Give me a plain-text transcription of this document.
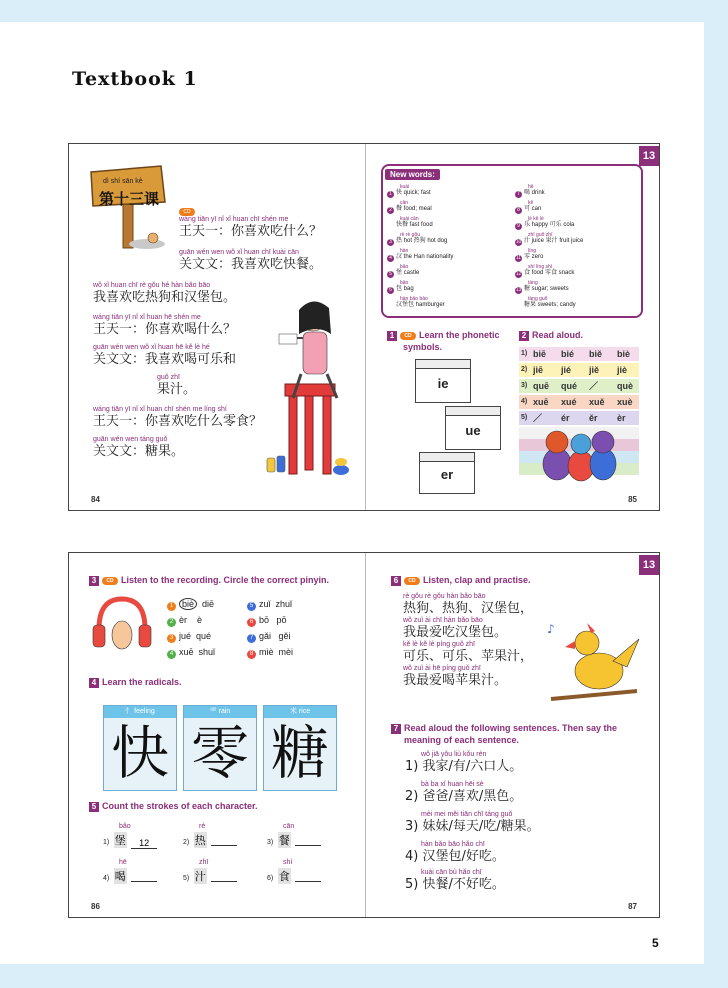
Textbook 1
13
dì shí sān kè
第十三课
CD
wáng tiān yī nǐ xǐ huan chī shén me
王天一：你喜欢吃什么？
guān wén wen wǒ xǐ huan chī kuài cān
关文文：我喜欢吃快餐。
wǒ xǐ huan chī rè gǒu hé hàn bǎo bāo
我喜欢吃热狗和汉堡包。
wáng tiān yī nǐ xǐ huan hē shén me
王天一：你喜欢喝什么？
guān wén wen wǒ xǐ huan hē kě lè hé
关文文：我喜欢喝可乐和
guǒ zhī
果汁。
wáng tiān yī nǐ xǐ huan chī shén me líng shí
王天一：你喜欢吃什么零食？
guān wén wen táng guǒ
关文文：糖果。
84	85
New words:
kuài
1 快 quick; fast
cān
2 餐 food; meal
kuài cān
快餐 fast food
rè rè gǒu
3 热 hot 热狗 hot dog
hàn
4 汉 the Han nationality
bǎo
5 堡 castle
bāo
6 包 bag
hàn bǎo bāo
汉堡包 hamburger
hē
7 喝 drink
kě
8 可 can
lè kě lè
9 乐 happy 可乐 cola
zhī guǒ zhī
10 汁 juice 果汁 fruit juice
líng
11 零 zero
shí líng shí
12 食 food 零食 snack
táng
13 糖 sugar; sweets
táng guǒ
糖果 sweets; candy
1 CD Learn the phonetic
symbols.
ie
ue
er
2 Read aloud.
1) biē bié biě biè
2) jiē jié jiě jiè
3) quē qué ／ què
4) xuē xué xuě xuè
5) ／ ér ěr èr
13
3 CD Listen to the recording. Circle the correct pinyin.
1 biè diē
2 èr è
3 jué qué
4 xuē shuǐ
5 zuǐ zhuǐ
6 bō pō
7 gǎi gěi
8 miè mèi
4 Learn the radicals.
忄 feeling
快
⻗ rain
零
米 rice
糖
5 Count the strokes of each character.
bǎo
1) 堡 12
rè
2) 热
cān
3) 餐
hē
4) 喝
zhī
5) 汁
shí
6) 食
6 CD Listen, clap and practise.
rè gǒu rè gǒu hàn bǎo bāo
热狗、热狗、汉堡包，
wǒ zuì ài chī hàn bǎo bāo
我最爱吃汉堡包。
kě lè kě lè píng guǒ zhī
可乐、可乐、苹果汁，
wǒ zuì ài hē píng guǒ zhī
我最爱喝苹果汁。
♪
7 Read aloud the following sentences. Then say the
meaning of each sentence.
wǒ jiā yǒu liù kǒu rén
1) 我家/有/六口人。
bà ba xǐ huan hēi sè
2) 爸爸/喜欢/黑色。
mèi mei měi tiān chī táng guǒ
3) 妹妹/每天/吃/糖果。
hàn bǎo bāo hǎo chī
4) 汉堡包/好吃。
kuài cān bù hǎo chī
5) 快餐/不好吃。
86	87
5
